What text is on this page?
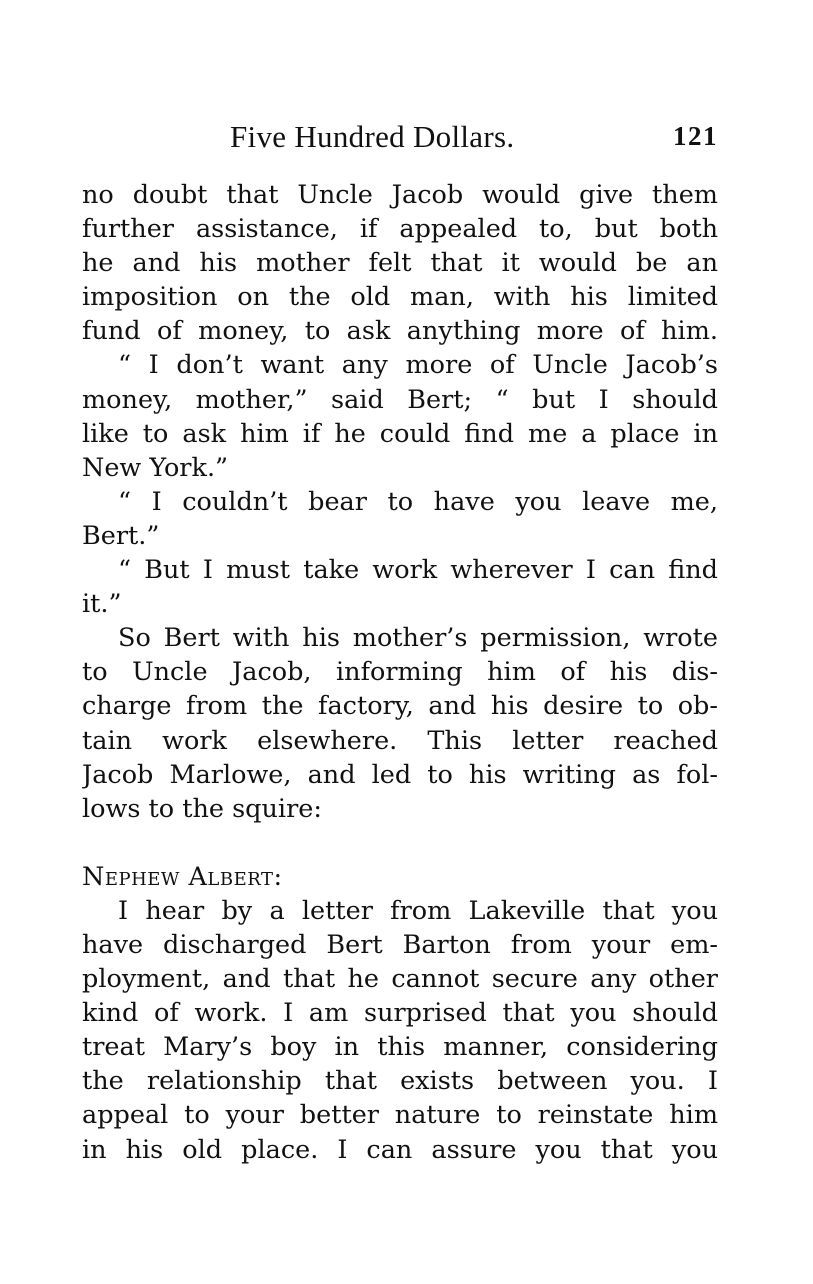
Five Hundred Dollars.	121
no doubt that Uncle Jacob would give them
further assistance, if appealed to, but both
he and his mother felt that it would be an
imposition on the old man, with his limited
fund of money, to ask anything more of him.
“ I don’t want any more of Uncle Jacob’s
money, mother,” said Bert; “ but I should
like to ask him if he could find me a place in
New York.”
“ I couldn’t bear to have you leave me,
Bert.”
“ But I must take work wherever I can find
it.”
So Bert with his mother’s permission, wrote
to Uncle Jacob, informing him of his dis-
charge from the factory, and his desire to ob-
tain work elsewhere. This letter reached
Jacob Marlowe, and led to his writing as fol-
lows to the squire:
Nephew Albert:
I hear by a letter from Lakeville that you
have discharged Bert Barton from your em-
ployment, and that he cannot secure any other
kind of work. I am surprised that you should
treat Mary’s boy in this manner, considering
the relationship that exists between you. I
appeal to your better nature to reinstate him
in his old place. I can assure you that you
